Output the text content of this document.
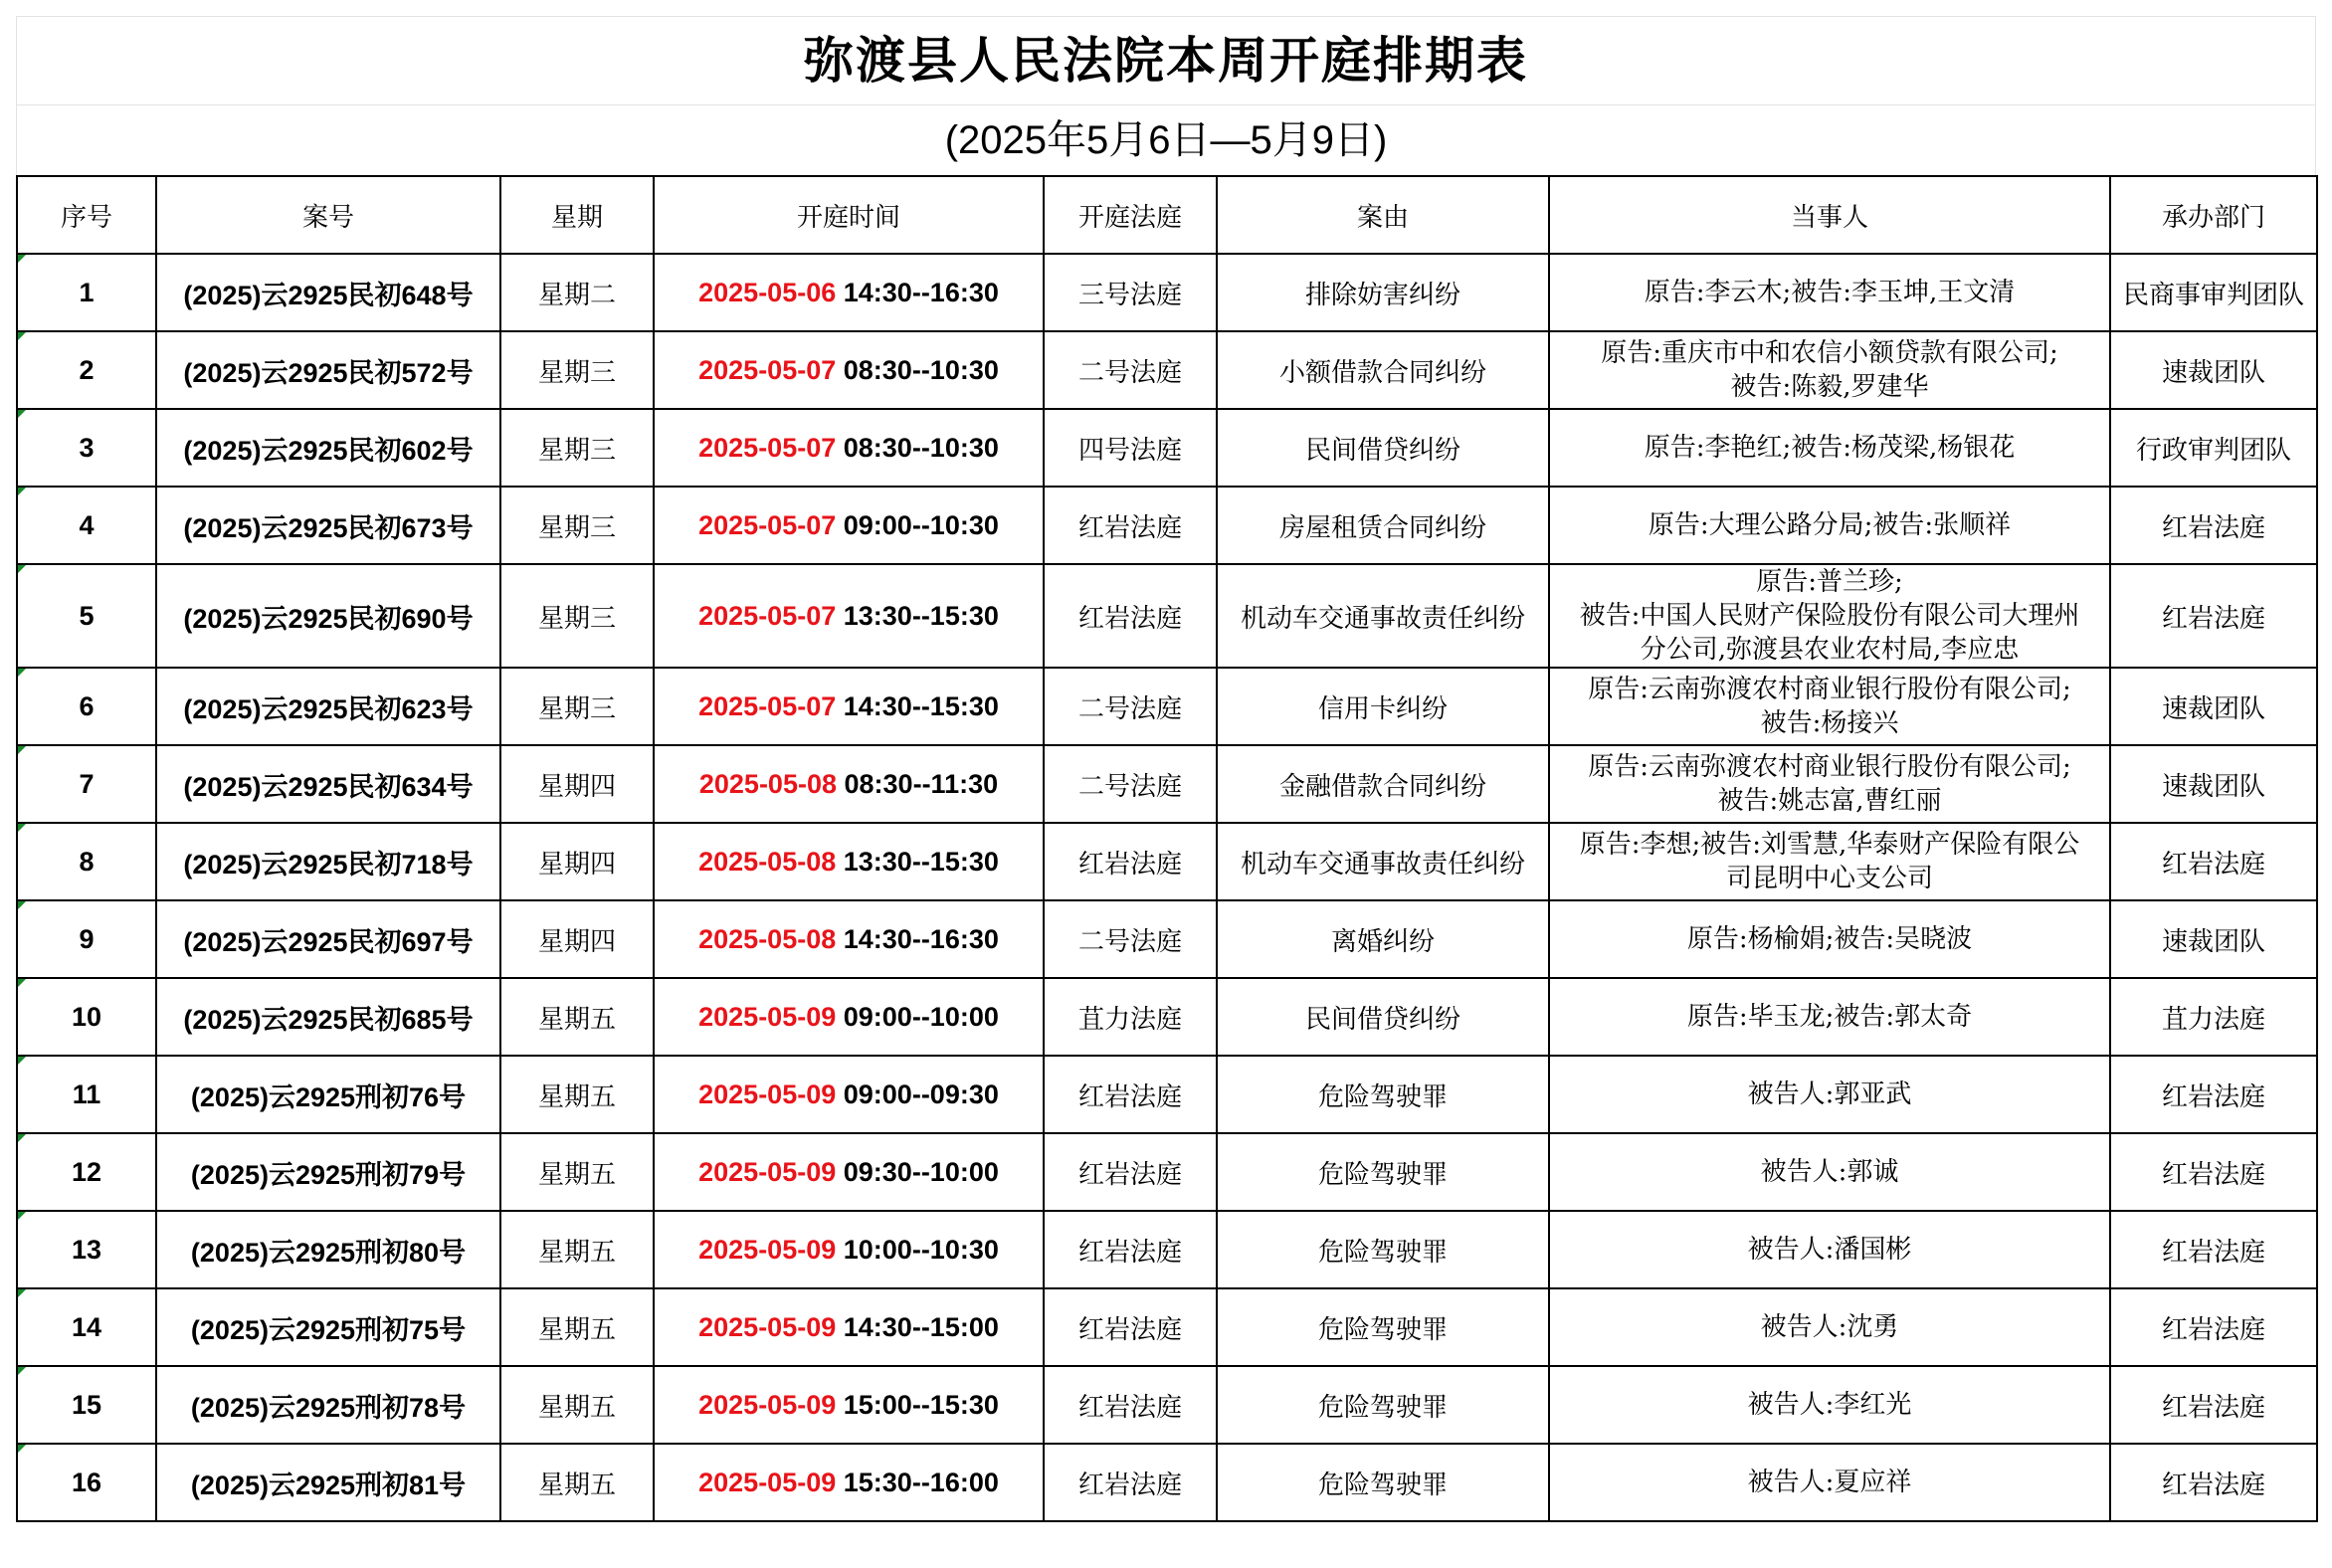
弥渡县人民法院本周开庭排期表
(2025年5月6日—5月9日)
序号	案号	星期	开庭时间	开庭法庭	案由	当事人	承办部门

1	(2025)云2925民初648号	星期二	2025-05-06 14:30--16:30	三号法庭	排除妨害纠纷	原告:李云木;被告:李玉坤,王文清	民商事审判团队

2	(2025)云2925民初572号	星期三	2025-05-07 08:30--10:30	二号法庭	小额借款合同纠纷	原告:重庆市中和农信小额贷款有限公司;
被告:陈毅,罗建华	速裁团队

3	(2025)云2925民初602号	星期三	2025-05-07 08:30--10:30	四号法庭	民间借贷纠纷	原告:李艳红;被告:杨茂梁,杨银花	行政审判团队

4	(2025)云2925民初673号	星期三	2025-05-07 09:00--10:30	红岩法庭	房屋租赁合同纠纷	原告:大理公路分局;被告:张顺祥	红岩法庭

5	(2025)云2925民初690号	星期三	2025-05-07 13:30--15:30	红岩法庭	机动车交通事故责任纠纷	原告:普兰珍;
被告:中国人民财产保险股份有限公司大理州
分公司,弥渡县农业农村局,李应忠	红岩法庭

6	(2025)云2925民初623号	星期三	2025-05-07 14:30--15:30	二号法庭	信用卡纠纷	原告:云南弥渡农村商业银行股份有限公司;
被告:杨接兴	速裁团队

7	(2025)云2925民初634号	星期四	2025-05-08 08:30--11:30	二号法庭	金融借款合同纠纷	原告:云南弥渡农村商业银行股份有限公司;
被告:姚志富,曹红丽	速裁团队

8	(2025)云2925民初718号	星期四	2025-05-08 13:30--15:30	红岩法庭	机动车交通事故责任纠纷	原告:李想;被告:刘雪慧,华泰财产保险有限公
司昆明中心支公司	红岩法庭

9	(2025)云2925民初697号	星期四	2025-05-08 14:30--16:30	二号法庭	离婚纠纷	原告:杨榆娟;被告:吴晓波	速裁团队

10	(2025)云2925民初685号	星期五	2025-05-09 09:00--10:00	苴力法庭	民间借贷纠纷	原告:毕玉龙;被告:郭太奇	苴力法庭

11	(2025)云2925刑初76号	星期五	2025-05-09 09:00--09:30	红岩法庭	危险驾驶罪	被告人:郭亚武	红岩法庭

12	(2025)云2925刑初79号	星期五	2025-05-09 09:30--10:00	红岩法庭	危险驾驶罪	被告人:郭诚	红岩法庭

13	(2025)云2925刑初80号	星期五	2025-05-09 10:00--10:30	红岩法庭	危险驾驶罪	被告人:潘国彬	红岩法庭

14	(2025)云2925刑初75号	星期五	2025-05-09 14:30--15:00	红岩法庭	危险驾驶罪	被告人:沈勇	红岩法庭

15	(2025)云2925刑初78号	星期五	2025-05-09 15:00--15:30	红岩法庭	危险驾驶罪	被告人:李红光	红岩法庭

16	(2025)云2925刑初81号	星期五	2025-05-09 15:30--16:00	红岩法庭	危险驾驶罪	被告人:夏应祥	红岩法庭
